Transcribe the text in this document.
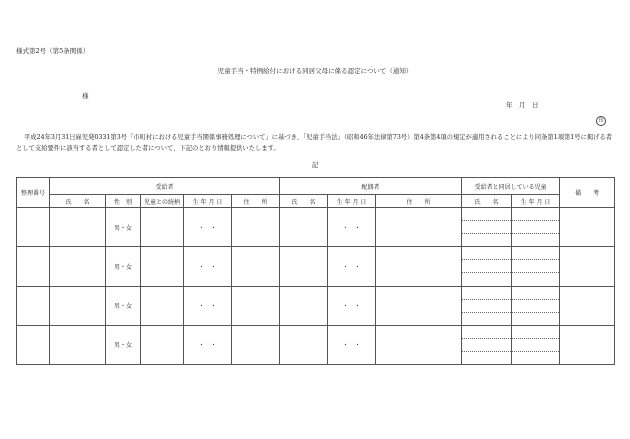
様式第2号（第5条関係）
児童手当・特例給付における同居父母に係る認定について（通知）
様
年　月　日
印
平成24年3月31日雇児発0331第3号「市町村における児童手当関係事務処理について」に基づき、「児童手当法」（昭和46年法律第73号）第4条第4項の規定が適用されることにより同条第1項第1号に掲げる者として支給要件に該当する者として認定した者について、下記のとおり情報提供いたします。
記
整理番号	受給者					配偶者			受給者と同居している児童		備　　考
	氏　　名	性　別	児童との続柄	生 年 月 日	住　　所	氏　　名	生 年 月 日	住　　所	氏　　名	生 年 月 日	
		男・女		・　・			・　・		

		男・女		・　・			・　・		

		男・女		・　・			・　・		

		男・女		・　・			・　・		
